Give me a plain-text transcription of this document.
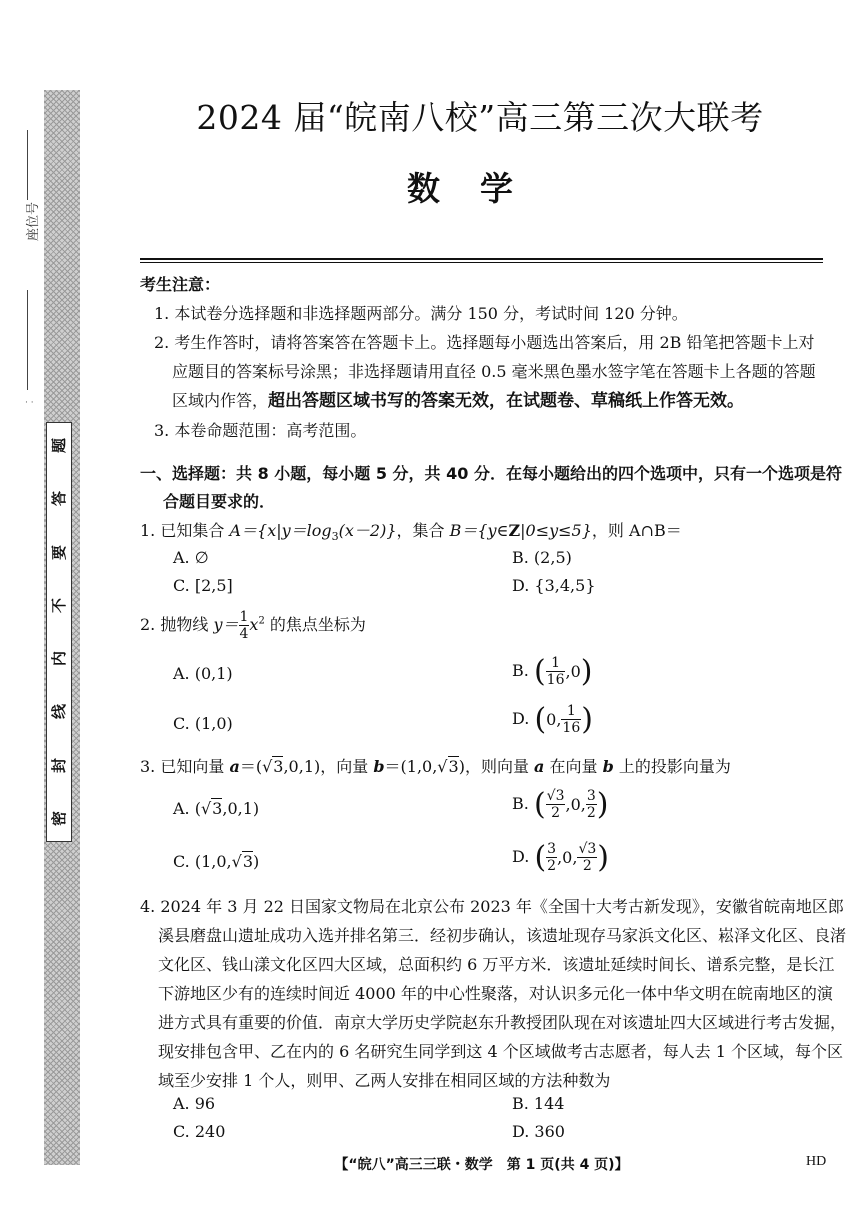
座位号
· ·
题
答
要
不
内
线
封
密
2024 届“皖南八校”高三第三次大联考
数学
考生注意：
1. 本试卷分选择题和非选择题两部分。满分 150 分，考试时间 120 分钟。
2. 考生作答时，请将答案答在答题卡上。选择题每小题选出答案后，用 2B 铅笔把答题卡上对应题目的答案标号涂黑；非选择题请用直径 0.5 毫米黑色墨水签字笔在答题卡上各题的答题区域内作答，超出答题区域书写的答案无效，在试题卷、草稿纸上作答无效。
3. 本卷命题范围：高考范围。
一、选择题：共 8 小题，每小题 5 分，共 40 分．在每小题给出的四个选项中，只有一个选项是符合题目要求的．
1. 已知集合 $A=\{x|y=\log_3(x-2)\}$，集合 B＝{y∈Z|0≤y≤5}，则 A∩B＝
A. ∅	B. (2,5)
C. [2,5]	D. {3,4,5}
2. 抛物线 $y= \frac{1}{4} x^2$ 的焦点坐标为
A. (0,1)	B. ( $\frac{1}{16} ,0$)
C. (1,0)	D. (0, $\frac{1}{16}$ )
3. 已知向量 a＝(√3,0,1)，向量 b＝(1,0,√3)，则向量 a 在向量 b 上的投影向量为
A. (√3,0,1)	B. ( $\frac{√3}{2} ,0$, $\frac{3}{2}$ )
C. (1,0,√3)	D. ( $\frac{3}{2} ,0$, $\frac{√3}{2}$ )
4. 2024 年 3 月 22 日国家文物局在北京公布 2023 年《全国十大考古新发现》，安徽省皖南地区郎溪县磨盘山遗址成功入选并排名第三．经初步确认，该遗址现存马家浜文化区、崧泽文化区、良渚文化区、钱山漾文化区四大区域，总面积约 6 万平方米．该遗址延续时间长、谱系完整，是长江下游地区少有的连续时间近 4000 年的中心性聚落，对认识多元化一体中华文明在皖南地区的演进方式具有重要的价值．南京大学历史学院赵东升教授团队现在对该遗址四大区域进行考古发掘，现安排包含甲、乙在内的 6 名研究生同学到这 4 个区域做考古志愿者，每人去 1 个区域，每个区域至少安排 1 个人，则甲、乙两人安排在相同区域的方法种数为
A. 96	B. 144
C. 240	D. 360
【“皖八”高三三联・数学　第 1 页(共 4 页)】	HD
